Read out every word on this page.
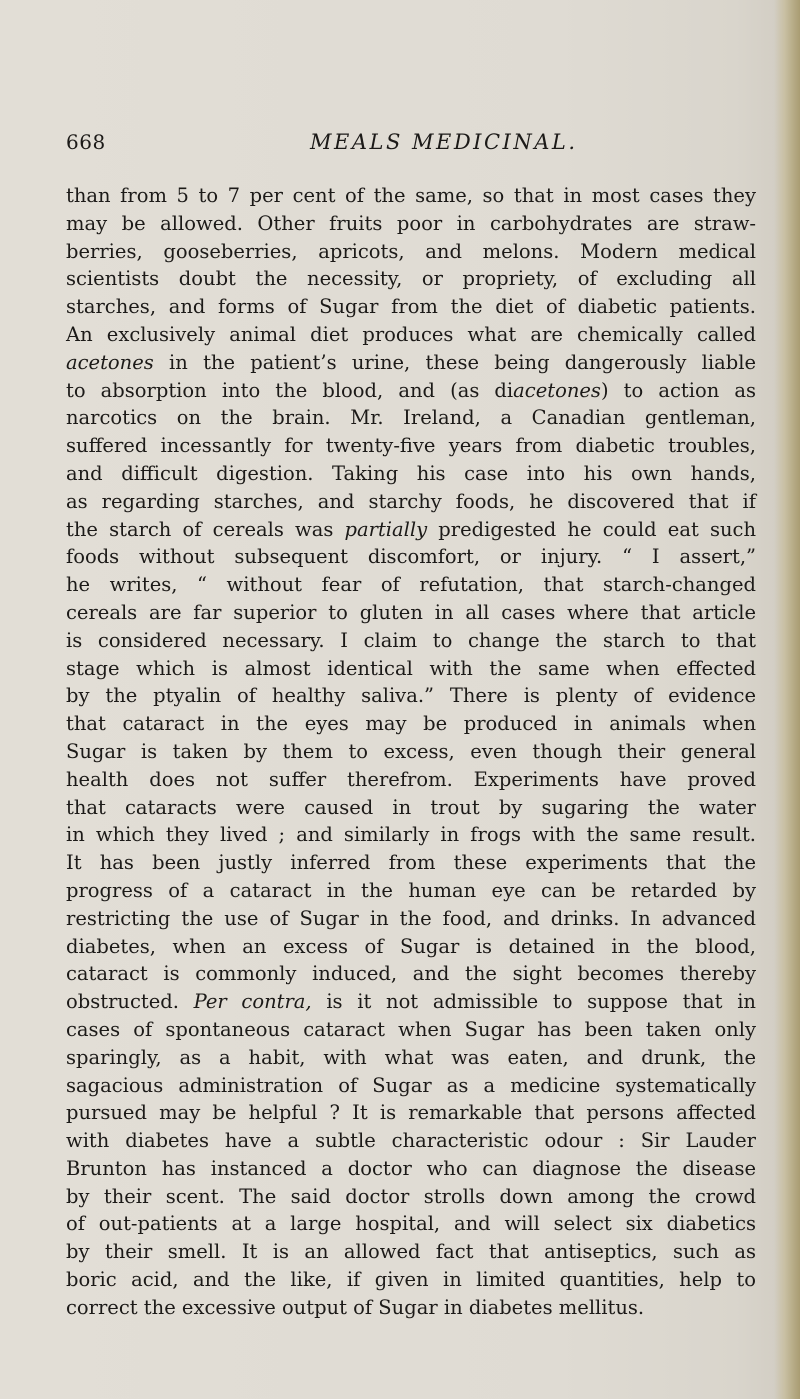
668	MEALS MEDICINAL.
than from 5 to 7 per cent of the same, so that in most cases they
may be allowed. Other fruits poor in carbohydrates are straw-
berries, gooseberries, apricots, and melons. Modern medical
scientists doubt the necessity, or propriety, of excluding all
starches, and forms of Sugar from the diet of diabetic patients.
An exclusively animal diet produces what are chemically called
acetones in the patient’s urine, these being dangerously liable
to absorption into the blood, and (as diacetones) to action as
narcotics on the brain. Mr. Ireland, a Canadian gentleman,
suffered incessantly for twenty-five years from diabetic troubles,
and difficult digestion. Taking his case into his own hands,
as regarding starches, and starchy foods, he discovered that if
the starch of cereals was partially predigested he could eat such
foods without subsequent discomfort, or injury. “ I assert,”
he writes, “ without fear of refutation, that starch-changed
cereals are far superior to gluten in all cases where that article
is considered necessary. I claim to change the starch to that
stage which is almost identical with the same when effected
by the ptyalin of healthy saliva.” There is plenty of evidence
that cataract in the eyes may be produced in animals when
Sugar is taken by them to excess, even though their general
health does not suffer therefrom. Experiments have proved
that cataracts were caused in trout by sugaring the water
in which they lived ; and similarly in frogs with the same result.
It has been justly inferred from these experiments that the
progress of a cataract in the human eye can be retarded by
restricting the use of Sugar in the food, and drinks. In advanced
diabetes, when an excess of Sugar is detained in the blood,
cataract is commonly induced, and the sight becomes thereby
obstructed. Per contra, is it not admissible to suppose that in
cases of spontaneous cataract when Sugar has been taken only
sparingly, as a habit, with what was eaten, and drunk, the
sagacious administration of Sugar as a medicine systematically
pursued may be helpful ? It is remarkable that persons affected
with diabetes have a subtle characteristic odour : Sir Lauder
Brunton has instanced a doctor who can diagnose the disease
by their scent. The said doctor strolls down among the crowd
of out-patients at a large hospital, and will select six diabetics
by their smell. It is an allowed fact that antiseptics, such as
boric acid, and the like, if given in limited quantities, help to
correct the excessive output of Sugar in diabetes mellitus.
